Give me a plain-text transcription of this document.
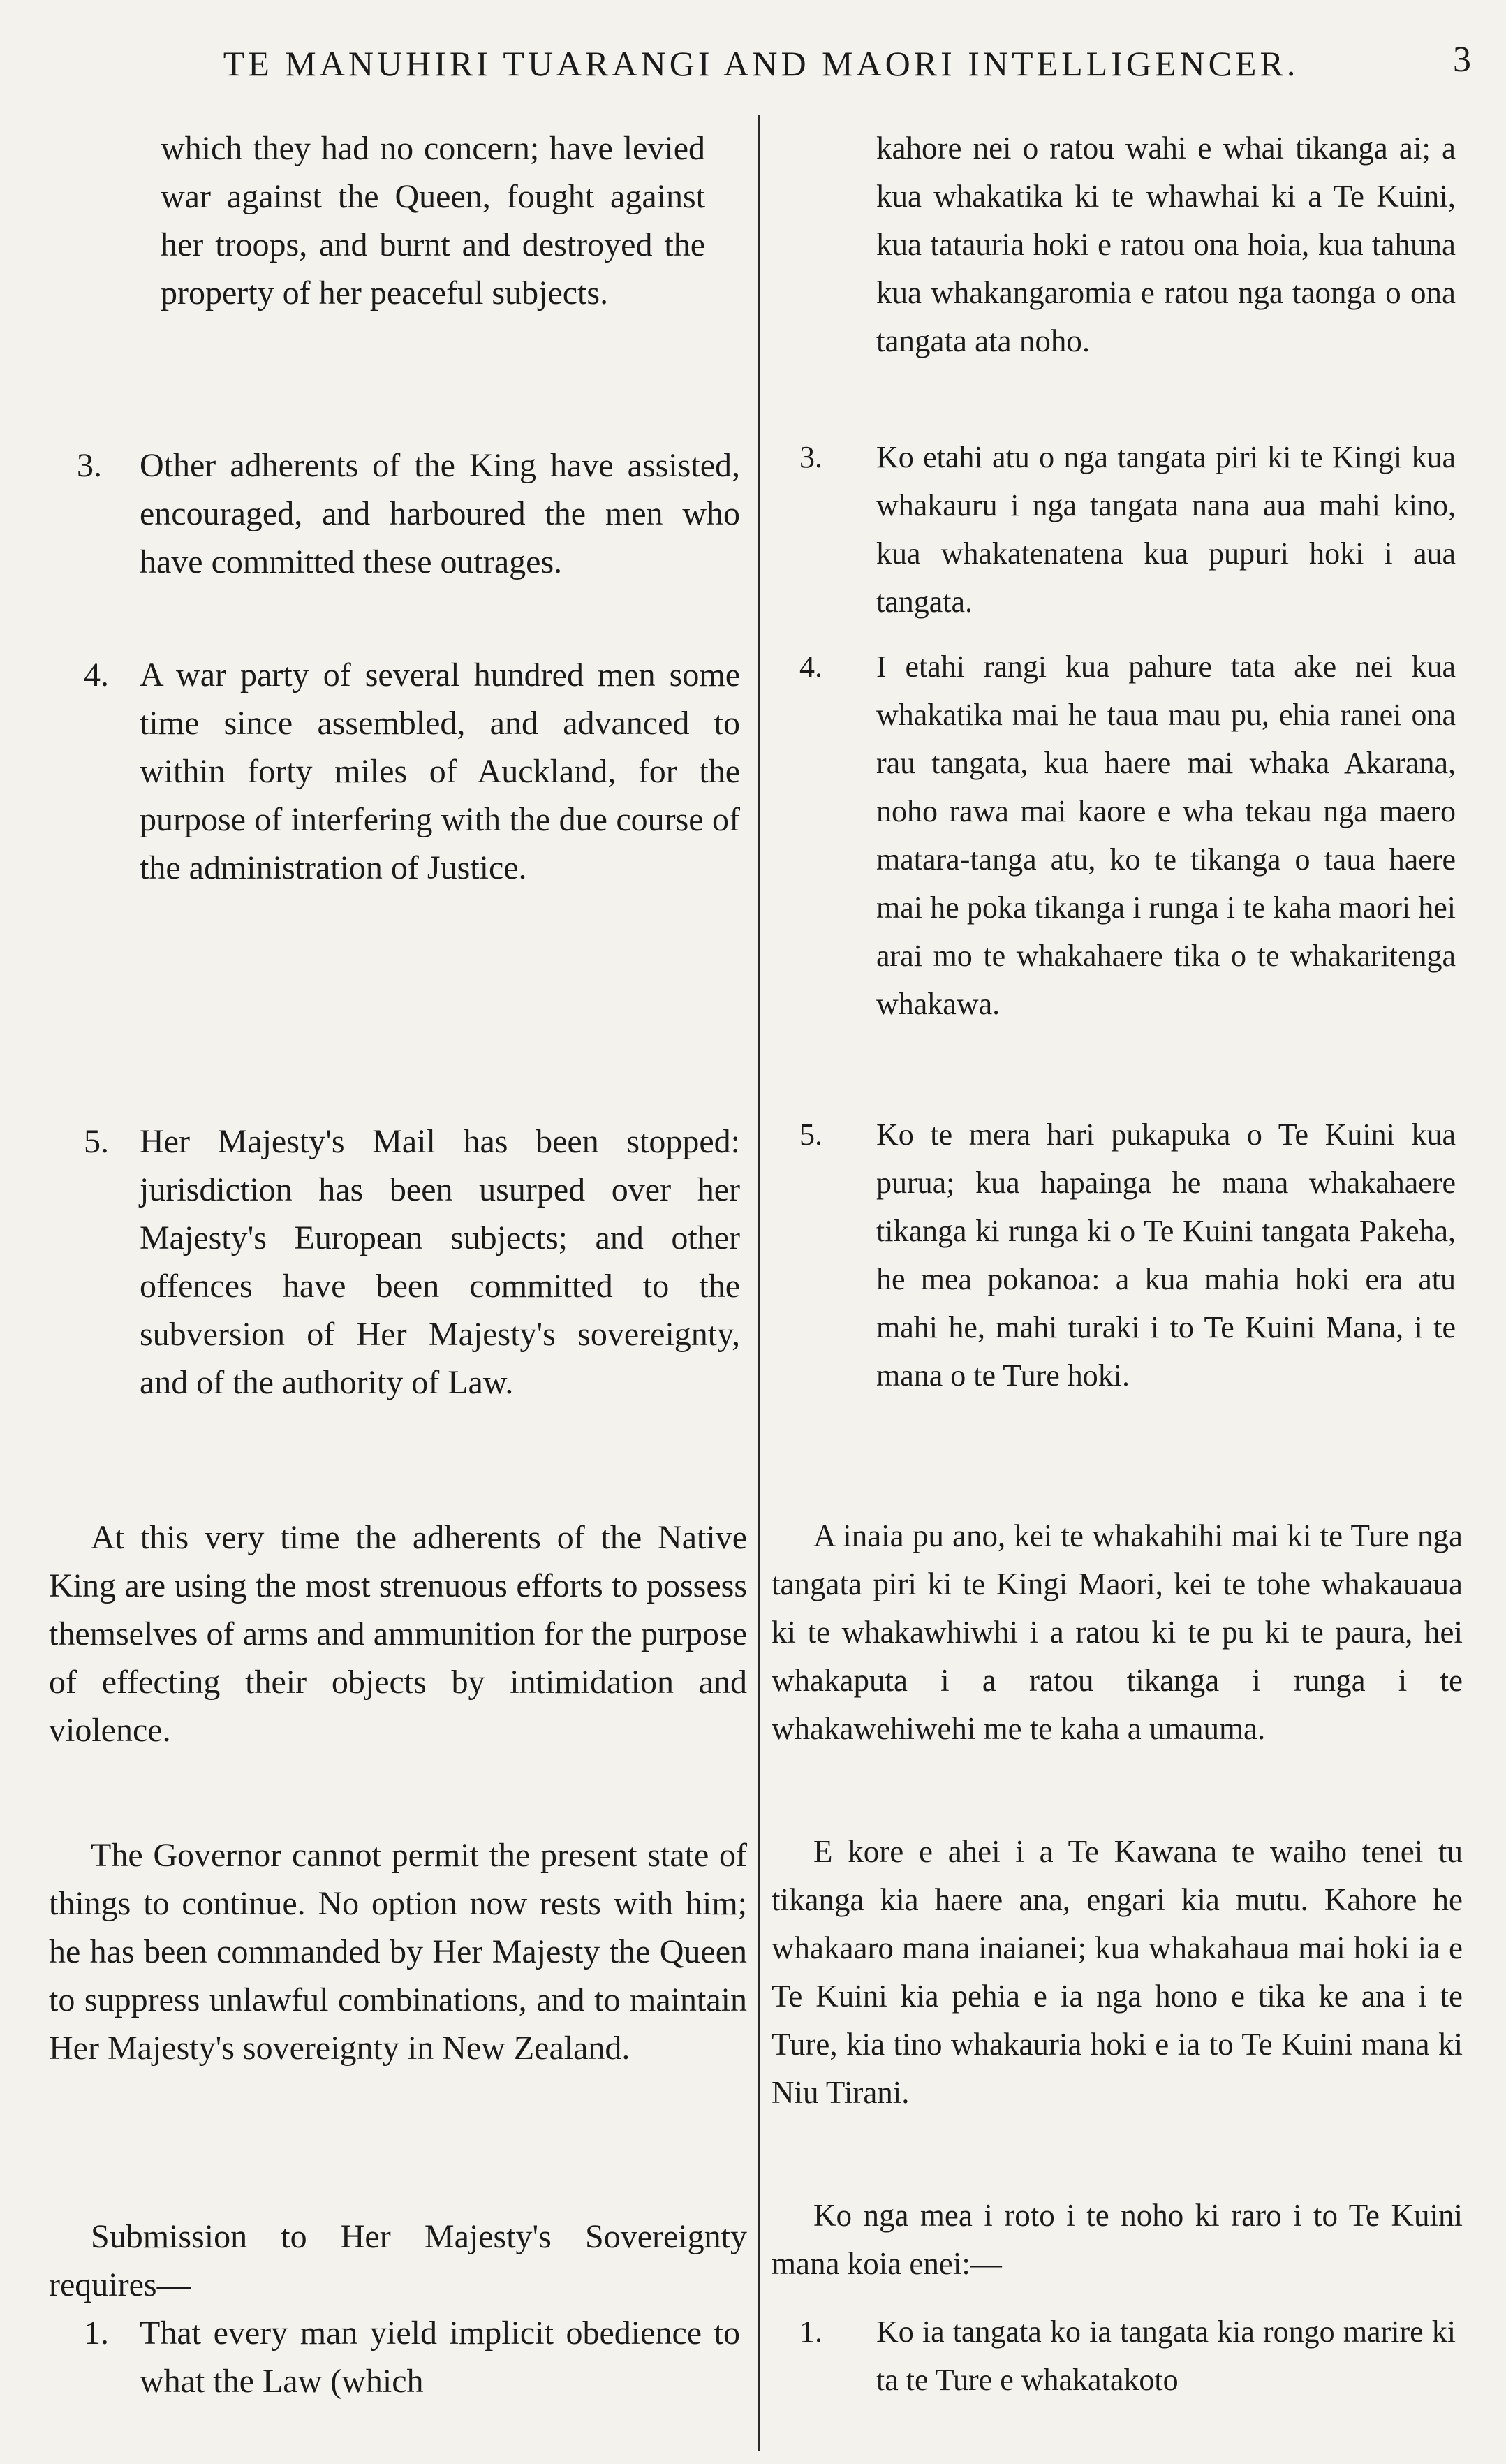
TE MANUHIRI TUARANGI AND MAORI INTELLIGENCER.	3
which they had no concern; have levied war against the Queen, fought against her troops, and burnt and destroyed the property of her peaceful subjects.
3. Other adherents of the King have assisted, encouraged, and harboured the men who have committed these outrages.
4. A war party of several hundred men some time since assembled, and advanced to within forty miles of Auckland, for the purpose of interfering with the due course of the administration of Justice.
5. Her Majesty's Mail has been stopped: jurisdiction has been usurped over her Majesty's European subjects; and other offences have been committed to the subversion of Her Majesty's sovereignty, and of the authority of Law.
At this very time the adherents of the Native King are using the most strenuous efforts to possess themselves of arms and ammunition for the purpose of effecting their objects by intimidation and violence.
The Governor cannot permit the present state of things to continue. No option now rests with him; he has been commanded by Her Majesty the Queen to suppress unlawful combinations, and to maintain Her Majesty's sovereignty in New Zealand.
Submission to Her Majesty's Sovereignty requires—
1. That every man yield implicit obedience to what the Law (which
kahore nei o ratou wahi e whai tikanga ai; a kua whakatika ki te whawhai ki a Te Kuini, kua tatauria hoki e ratou ona hoia, kua tahuna kua whakangaromia e ratou nga taonga o ona tangata ata noho.
3. Ko etahi atu o nga tangata piri ki te Kingi kua whakauru i nga tangata nana aua mahi kino, kua whakatenatena kua pupuri hoki i aua tangata.
4. I etahi rangi kua pahure tata ake nei kua whakatika mai he taua mau pu, ehia ranei ona rau tangata, kua haere mai whaka Akarana, noho rawa mai kaore e wha tekau nga maero matara-tanga atu, ko te tikanga o taua haere mai he poka tikanga i runga i te kaha maori hei arai mo te whakahaere tika o te whakaritenga whakawa.
5. Ko te mera hari pukapuka o Te Kuini kua purua; kua hapainga he mana whakahaere tikanga ki runga ki o Te Kuini tangata Pakeha, he mea pokanoa: a kua mahia hoki era atu mahi he, mahi turaki i to Te Kuini Mana, i te mana o te Ture hoki.
A inaia pu ano, kei te whakahihi mai ki te Ture nga tangata piri ki te Kingi Maori, kei te tohe whakauaua ki te whakawhiwhi i a ratou ki te pu ki te paura, hei whakaputa i a ratou tikanga i runga i te whakawehiwehi me te kaha a umauma.
E kore e ahei i a Te Kawana te waiho tenei tu tikanga kia haere ana, engari kia mutu. Kahore he whakaaro mana inaianei; kua whakahaua mai hoki ia e Te Kuini kia pehia e ia nga hono e tika ke ana i te Ture, kia tino whakauria hoki e ia to Te Kuini mana ki Niu Tirani.
Ko nga mea i roto i te noho ki raro i to Te Kuini mana koia enei:—
1. Ko ia tangata ko ia tangata kia rongo marire ki ta te Ture e whakatakoto
